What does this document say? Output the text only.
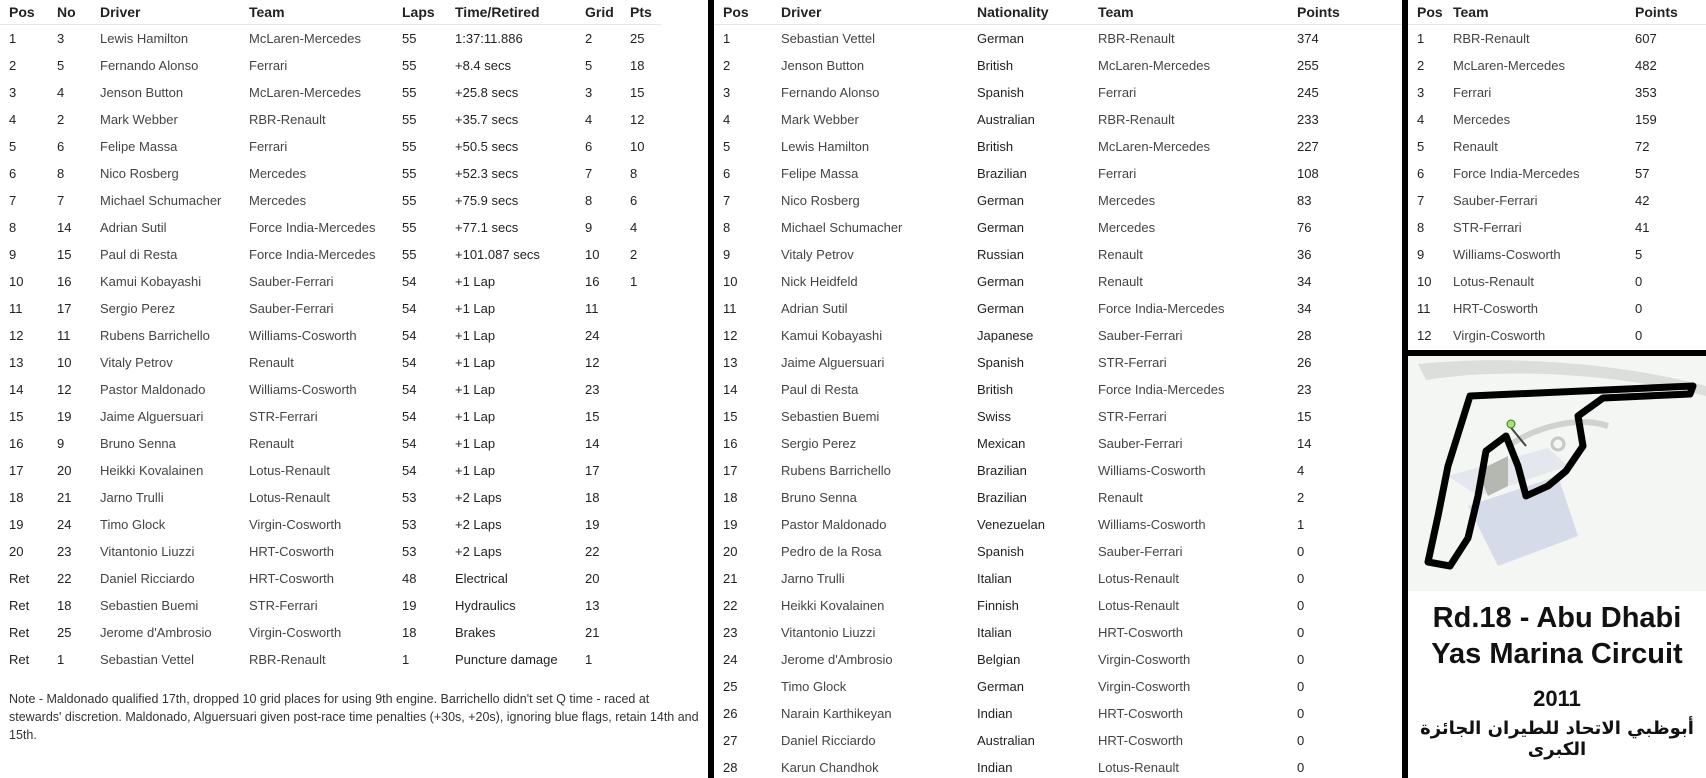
Pos	No	Driver	Team	Laps	Time/Retired	Grid	Pts
1	3	Lewis Hamilton	McLaren-Mercedes	55	1:37:11.886	2	25
2	5	Fernando Alonso	Ferrari	55	+8.4 secs	5	18
3	4	Jenson Button	McLaren-Mercedes	55	+25.8 secs	3	15
4	2	Mark Webber	RBR-Renault	55	+35.7 secs	4	12
5	6	Felipe Massa	Ferrari	55	+50.5 secs	6	10
6	8	Nico Rosberg	Mercedes	55	+52.3 secs	7	8
7	7	Michael Schumacher	Mercedes	55	+75.9 secs	8	6
8	14	Adrian Sutil	Force India-Mercedes	55	+77.1 secs	9	4
9	15	Paul di Resta	Force India-Mercedes	55	+101.087 secs	10	2
10	16	Kamui Kobayashi	Sauber-Ferrari	54	+1 Lap	16	1
11	17	Sergio Perez	Sauber-Ferrari	54	+1 Lap	11	
12	11	Rubens Barrichello	Williams-Cosworth	54	+1 Lap	24	
13	10	Vitaly Petrov	Renault	54	+1 Lap	12	
14	12	Pastor Maldonado	Williams-Cosworth	54	+1 Lap	23	
15	19	Jaime Alguersuari	STR-Ferrari	54	+1 Lap	15	
16	9	Bruno Senna	Renault	54	+1 Lap	14	
17	20	Heikki Kovalainen	Lotus-Renault	54	+1 Lap	17	
18	21	Jarno Trulli	Lotus-Renault	53	+2 Laps	18	
19	24	Timo Glock	Virgin-Cosworth	53	+2 Laps	19	
20	23	Vitantonio Liuzzi	HRT-Cosworth	53	+2 Laps	22	
Ret	22	Daniel Ricciardo	HRT-Cosworth	48	Electrical	20	
Ret	18	Sebastien Buemi	STR-Ferrari	19	Hydraulics	13	
Ret	25	Jerome d'Ambrosio	Virgin-Cosworth	18	Brakes	21	
Ret	1	Sebastian Vettel	RBR-Renault	1	Puncture damage	1	
Note - Maldonado qualified 17th, dropped 10 grid places for using 9th engine. Barrichello didn't set Q time - raced at stewards' discretion. Maldonado, Alguersuari given post-race time penalties (+30s, +20s), ignoring blue flags, retain 14th and 15th.
Pos	Driver	Nationality	Team	Points
1	Sebastian Vettel	German	RBR-Renault	374
2	Jenson Button	British	McLaren-Mercedes	255
3	Fernando Alonso	Spanish	Ferrari	245
4	Mark Webber	Australian	RBR-Renault	233
5	Lewis Hamilton	British	McLaren-Mercedes	227
6	Felipe Massa	Brazilian	Ferrari	108
7	Nico Rosberg	German	Mercedes	83
8	Michael Schumacher	German	Mercedes	76
9	Vitaly Petrov	Russian	Renault	36
10	Nick Heidfeld	German	Renault	34
11	Adrian Sutil	German	Force India-Mercedes	34
12	Kamui Kobayashi	Japanese	Sauber-Ferrari	28
13	Jaime Alguersuari	Spanish	STR-Ferrari	26
14	Paul di Resta	British	Force India-Mercedes	23
15	Sebastien Buemi	Swiss	STR-Ferrari	15
16	Sergio Perez	Mexican	Sauber-Ferrari	14
17	Rubens Barrichello	Brazilian	Williams-Cosworth	4
18	Bruno Senna	Brazilian	Renault	2
19	Pastor Maldonado	Venezuelan	Williams-Cosworth	1
20	Pedro de la Rosa	Spanish	Sauber-Ferrari	0
21	Jarno Trulli	Italian	Lotus-Renault	0
22	Heikki Kovalainen	Finnish	Lotus-Renault	0
23	Vitantonio Liuzzi	Italian	HRT-Cosworth	0
24	Jerome d'Ambrosio	Belgian	Virgin-Cosworth	0
25	Timo Glock	German	Virgin-Cosworth	0
26	Narain Karthikeyan	Indian	HRT-Cosworth	0
27	Daniel Ricciardo	Australian	HRT-Cosworth	0
28	Karun Chandhok	Indian	Lotus-Renault	0
Pos	Team	Points
1	RBR-Renault	607
2	McLaren-Mercedes	482
3	Ferrari	353
4	Mercedes	159
5	Renault	72
6	Force India-Mercedes	57
7	Sauber-Ferrari	42
8	STR-Ferrari	41
9	Williams-Cosworth	5
10	Lotus-Renault	0
11	HRT-Cosworth	0
12	Virgin-Cosworth	0
Rd.18 - Abu Dhabi
Yas Marina Circuit
2011
أبوظبي الاتحاد للطيران الجائزة الكبرى
